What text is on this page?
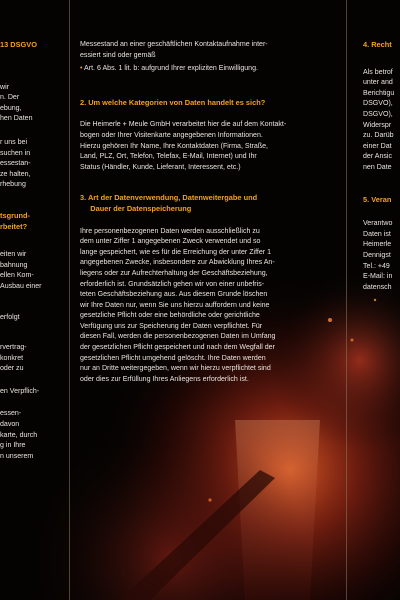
13 DSGVO
wir
n. Der
ebung,
hen Daten
r uns bei
suchen in
essestan-
ze halten,
rhebung
tsgrund-
rbeitet?
eiten wir
bahnung
ellen Kom-
Ausbau einer
erfolgt
rvertrag-
konkret
oder zu
en Verpflich-
essen-
davon
karte, durch
g in Ihre
n unserem
Messestand an einer geschäftlichen Kontaktaufnahme inter-
essiert sind oder gemäß
• Art. 6 Abs. 1 lit. b: aufgrund Ihrer expliziten Einwilligung.
2. Um welche Kategorien von Daten handelt es sich?
Die Heimerle + Meule GmbH verarbeitet hier die auf dem Kontakt-
bogen oder Ihrer Visitenkarte angegebenen Informationen.
Hierzu gehören Ihr Name, Ihre Kontaktdaten (Firma, Straße,
Land, PLZ, Ort, Telefon, Telefax, E-Mail, Internet) und Ihr
Status (Händler, Kunde, Lieferant, Interessent, etc.)
3. Art der Datenverwendung, Datenweitergabe und
Dauer der Datenspeicherung
Ihre personenbezogenen Daten werden ausschließlich zu
dem unter Ziffer 1 angegebenen Zweck verwendet und so
lange gespeichert, wie es für die Erreichung der unter Ziffer 1
angegebenen Zwecke, insbesondere zur Abwicklung Ihres An-
liegens oder zur Aufrechterhaltung der Geschäftsbeziehung,
erforderlich ist. Grundsätzlich gehen wir von einer unbefris-
teten Geschäftsbeziehung aus. Aus diesem Grunde löschen
wir Ihre Daten nur, wenn Sie uns hierzu auffordern und keine
gesetzliche Pflicht oder eine behördliche oder gerichtliche
Verfügung uns zur Speicherung der Daten verpflichtet. Für
diesen Fall, werden die personenbezogenen Daten im Umfang
der gesetzlichen Pflicht gespeichert und nach dem Wegfall der
gesetzlichen Pflicht umgehend gelöscht. Ihre Daten werden
nur an Dritte weitergegeben, wenn wir hierzu verpflichtet sind
oder dies zur Erfüllung Ihres Anliegens erforderlich ist.
4. Recht
Als betrof
unter and
Berichtigu
DSGVO),
DSGVO),
Widerspr
zu. Darüb
einer Dat
der Ansic
nen Date
5. Veran
Verantwo
Daten ist
Heimerle
Dennigst
Tel.: +49
E-Mail: in
datensch
